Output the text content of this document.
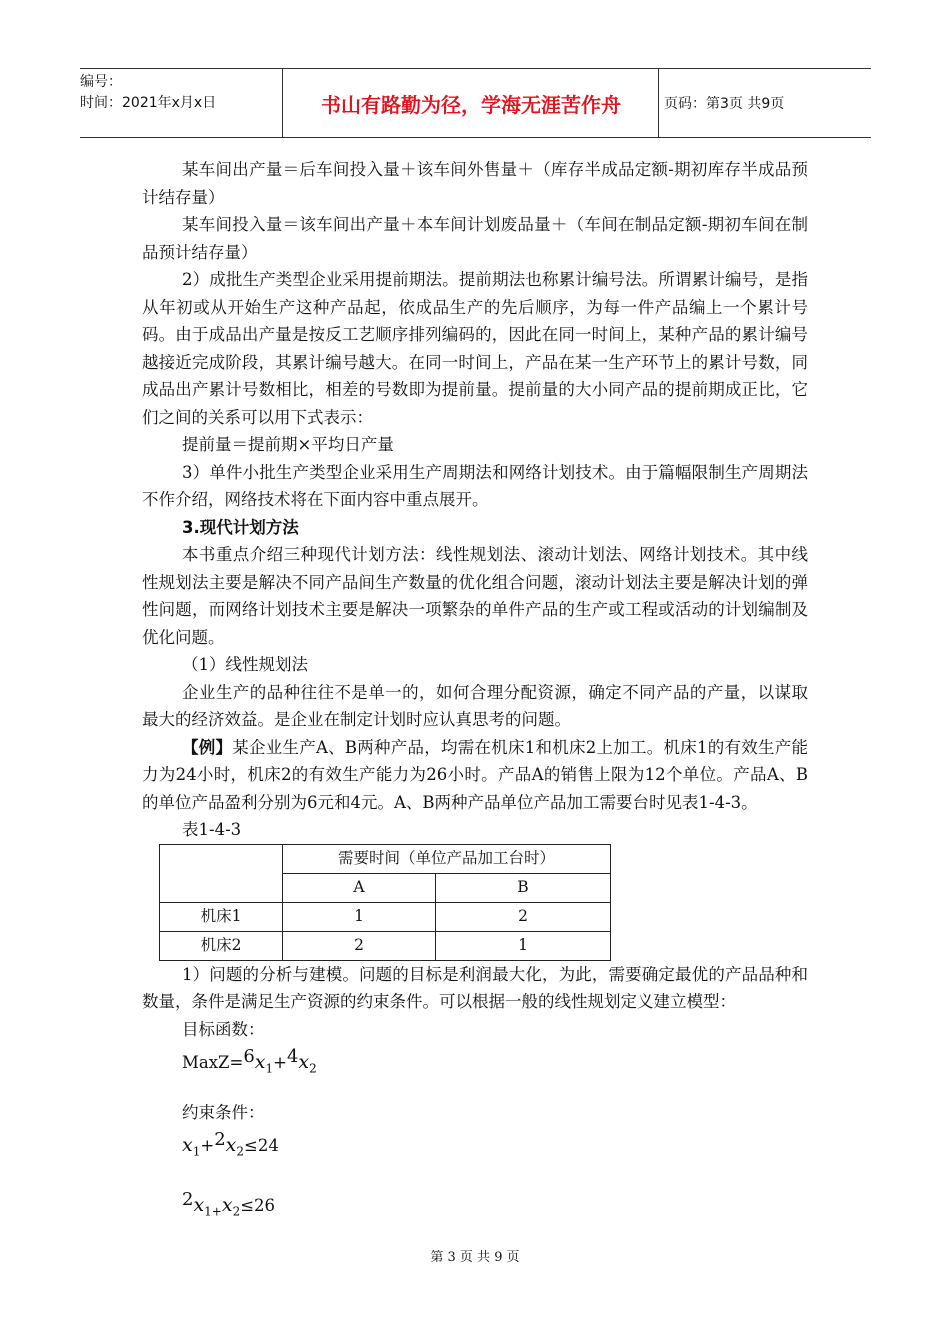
编号：
时间：2021年x月x日	书山有路勤为径，学海无涯苦作舟	页码：第3页 共9页

某车间出产量＝后车间投入量＋该车间外售量＋（库存半成品定额-期初库存半成品预计结存量）

某车间投入量＝该车间出产量＋本车间计划废品量＋（车间在制品定额-期初车间在制品预计结存量）

2）成批生产类型企业采用提前期法。提前期法也称累计编号法。所谓累计编号，是指从年初或从开始生产这种产品起，依成品生产的先后顺序，为每一件产品编上一个累计号码。由于成品出产量是按反工艺顺序排列编码的，因此在同一时间上，某种产品的累计编号越接近完成阶段，其累计编号越大。在同一时间上，产品在某一生产环节上的累计号数，同成品出产累计号数相比，相差的号数即为提前量。提前量的大小同产品的提前期成正比，它们之间的关系可以用下式表示：

提前量＝提前期×平均日产量

3）单件小批生产类型企业采用生产周期法和网络计划技术。由于篇幅限制生产周期法不作介绍，网络技术将在下面内容中重点展开。

3.现代计划方法

本书重点介绍三种现代计划方法：线性规划法、滚动计划法、网络计划技术。其中线性规划法主要是解决不同产品间生产数量的优化组合问题，滚动计划法主要是解决计划的弹性问题，而网络计划技术主要是解决一项繁杂的单件产品的生产或工程或活动的计划编制及优化问题。

（1）线性规划法

企业生产的品种往往不是单一的，如何合理分配资源，确定不同产品的产量，以谋取最大的经济效益。是企业在制定计划时应认真思考的问题。

【例】某企业生产A、B两种产品，均需在机床1和机床2上加工。机床1的有效生产能力为24小时，机床2的有效生产能力为26小时。产品A的销售上限为12个单位。产品A、B的单位产品盈利分别为6元和4元。A、B两种产品单位产品加工需要台时见表1-4-3。

表1-4-3
	需要时间（单位产品加工台时）	
	A	B
机床1	1	2
机床2	2	1

1）问题的分析与建模。问题的目标是利润最大化，为此，需要确定最优的产品品种和数量，条件是满足生产资源的约束条件。可以根据一般的线性规划定义建立模型：

目标函数：
$MaxZ=6x_1+4x_2$
约束条件：
$x_1+2x_2\le 24$
$2x_{1+}x_2\le 26$
第 3 页 共 9 页
